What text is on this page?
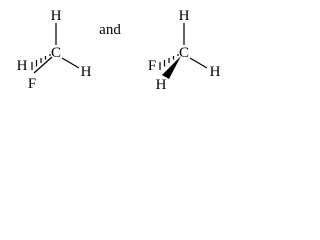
H
C
H
F
H
and
H
C
F
H
H
